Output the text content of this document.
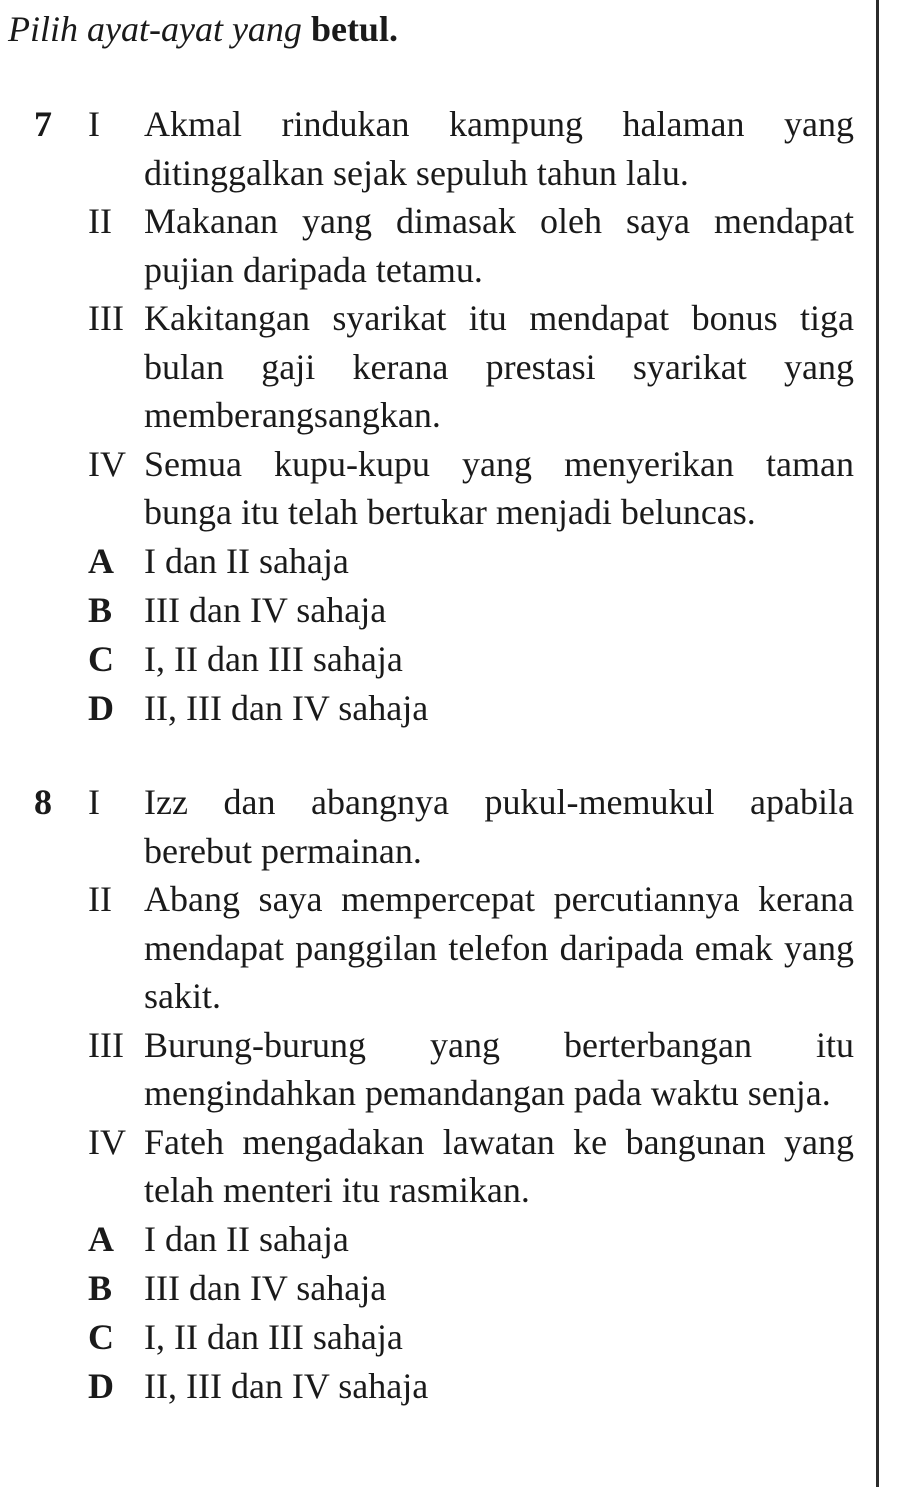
Pilih ayat-ayat yang betul.
7 I	Akmal rindukan kampung halaman yang ditinggalkan sejak sepuluh tahun lalu.
II Makanan yang dimasak oleh saya mendapat pujian daripada tetamu.
III Kakitangan syarikat itu mendapat bonus tiga bulan gaji kerana prestasi syarikat yang memberangsangkan.
IV Semua kupu-kupu yang menyerikan taman bunga itu telah bertukar menjadi beluncas.
A I dan II sahaja
B III dan IV sahaja
C I, II dan III sahaja
D II, III dan IV sahaja
8 I	Izz dan abangnya pukul-memukul apabila berebut permainan.
II Abang saya mempercepat percutiannya kerana mendapat panggilan telefon daripada emak yang sakit.
III Burung-burung yang berterbangan itu mengindahkan pemandangan pada waktu senja.
IV Fateh mengadakan lawatan ke bangunan yang telah menteri itu rasmikan.
A I dan II sahaja
B III dan IV sahaja
C I, II dan III sahaja
D II, III dan IV sahaja
